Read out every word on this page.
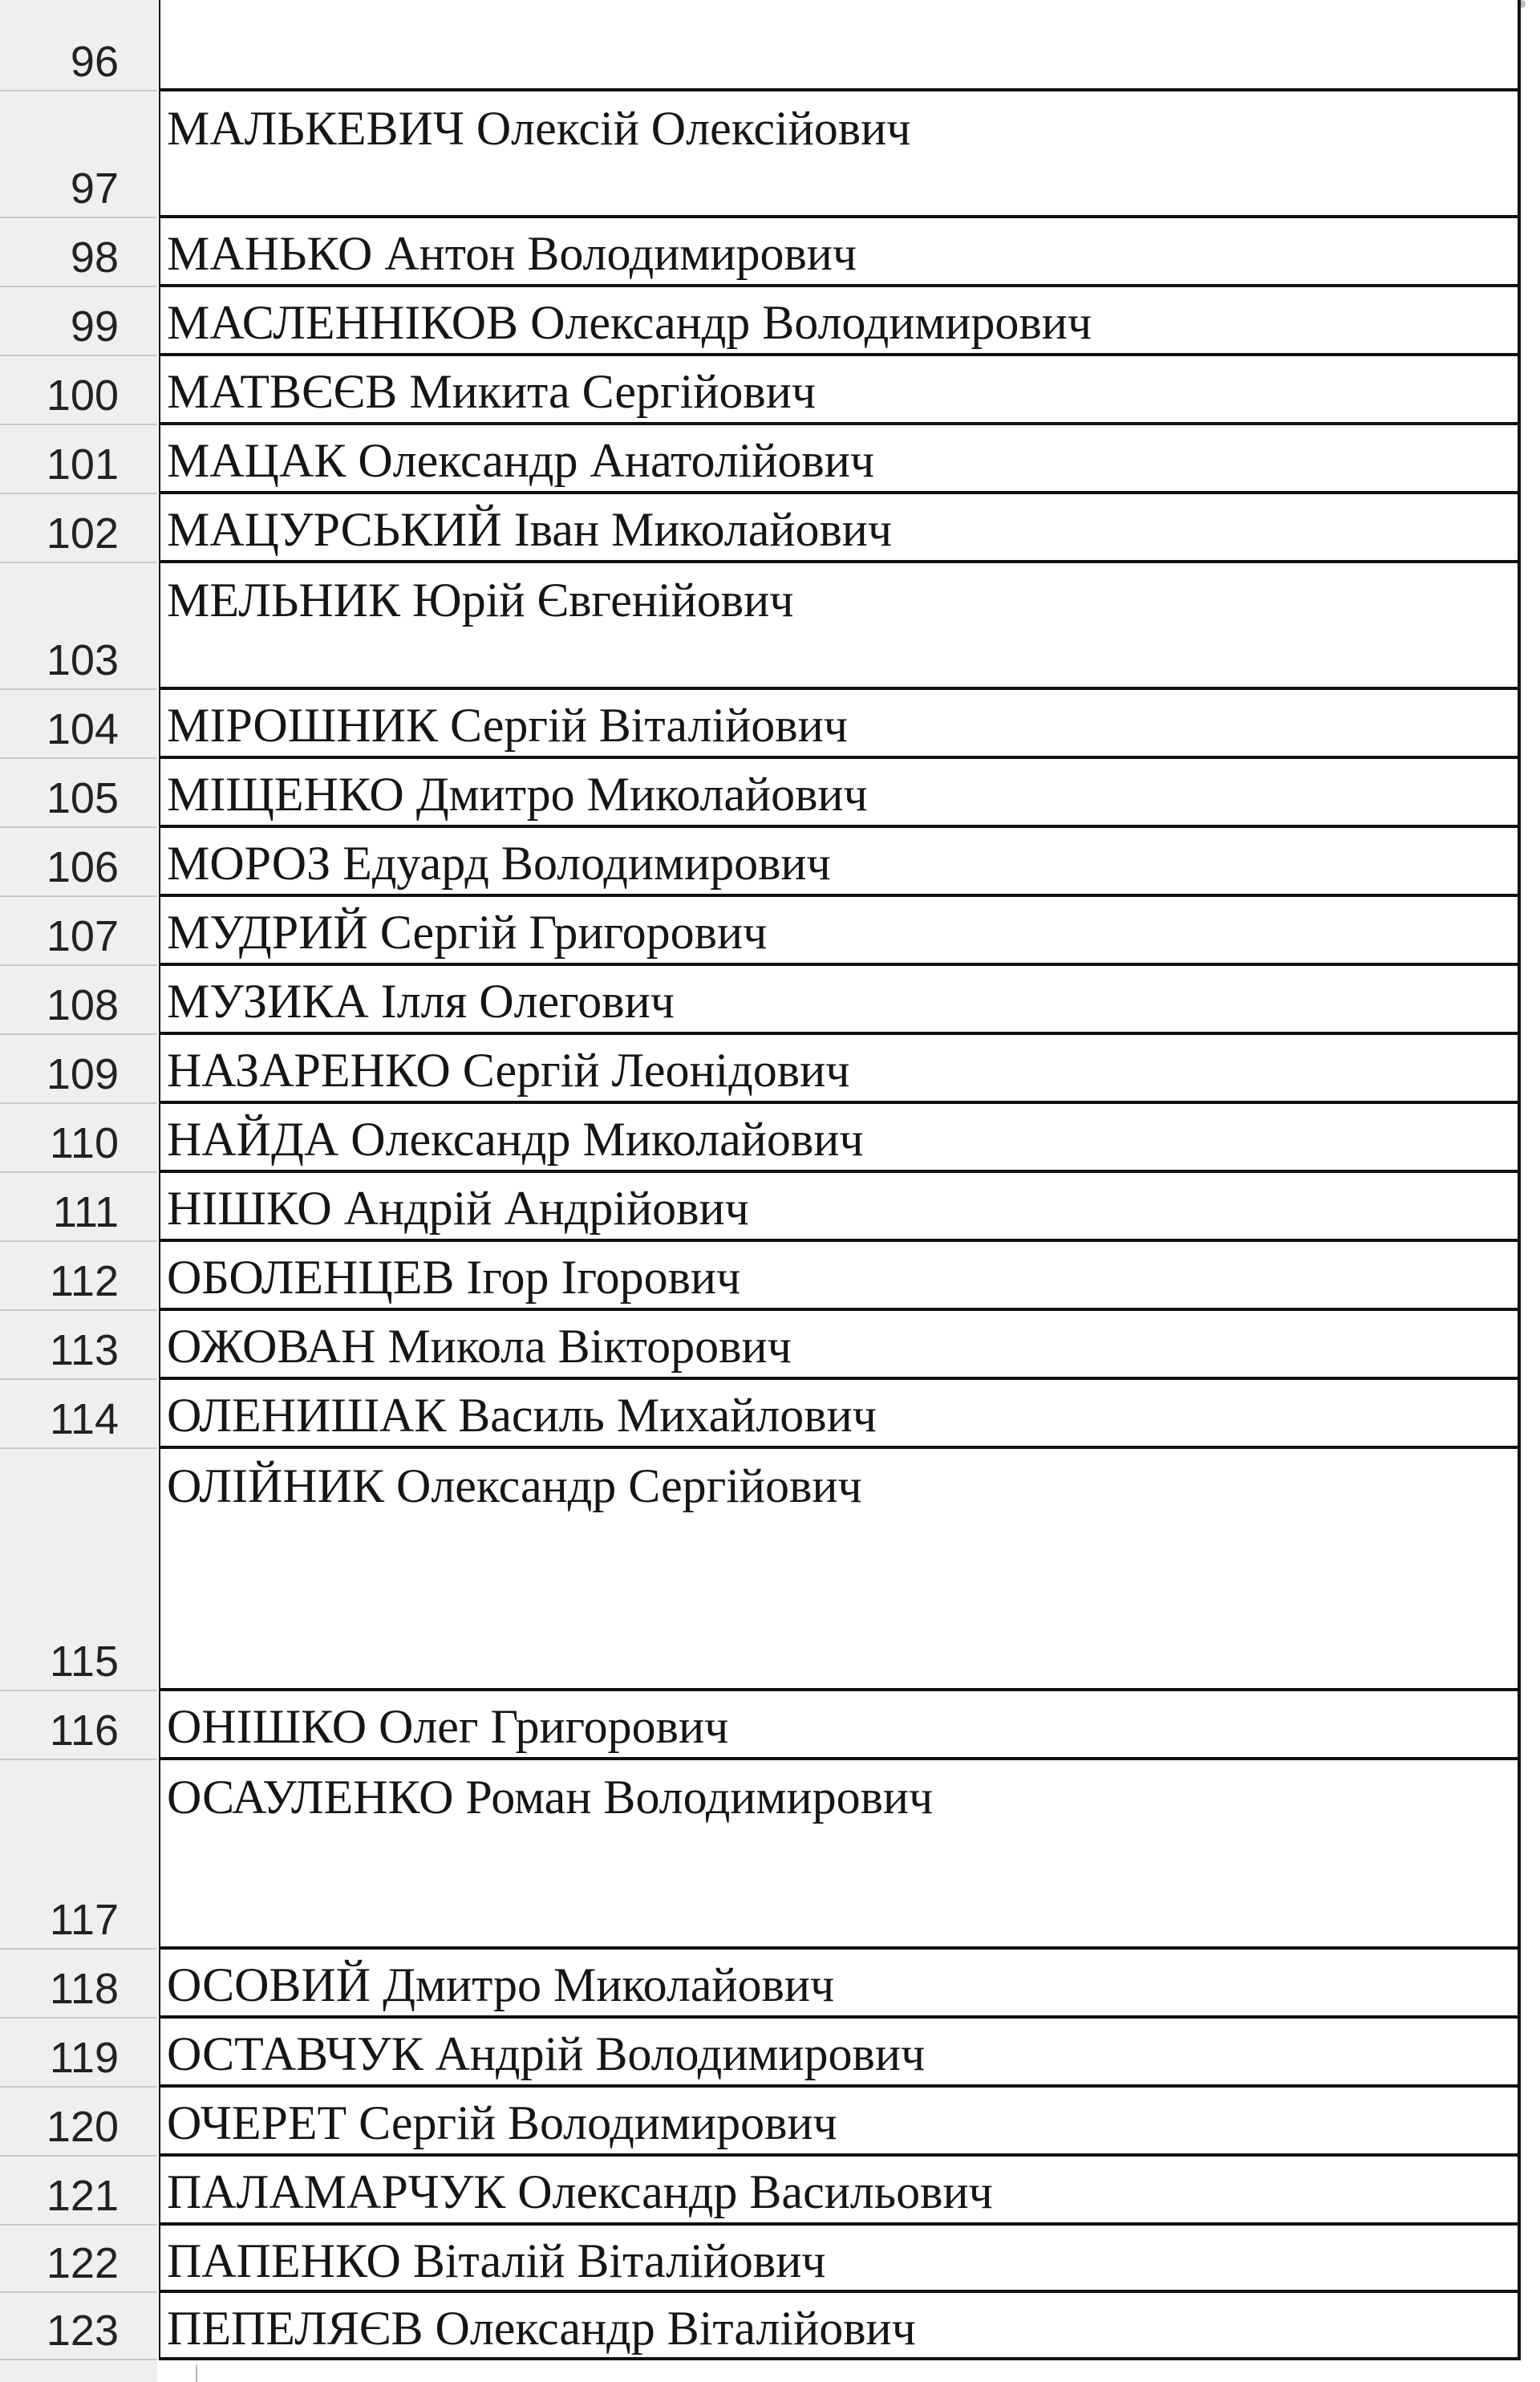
96
97
МАЛЬКЕВИЧ Олексій Олексійович
98 МАНЬКО Антон Володимирович
99 МАСЛЕННІКОВ Олександр Володимирович
100 МАТВЄЄВ Микита Сергійович
101 МАЦАК Олександр Анатолійович
102 МАЦУРСЬКИЙ Іван Миколайович
103
МЕЛЬНИК Юрій Євгенійович
104 МІРОШНИК Сергій Віталійович
105 МІЩЕНКО Дмитро Миколайович
106 МОРОЗ Едуард Володимирович
107 МУДРИЙ Сергій Григорович
108 МУЗИКА Ілля Олегович
109 НАЗАРЕНКО Сергій Леонідович
110 НАЙДА Олександр Миколайович
111 НІШКО Андрій Андрійович
112 ОБОЛЕНЦЕВ Ігор Ігорович
113 ОЖОВАН Микола Вікторович
114 ОЛЕНИШАК Василь Михайлович
115
ОЛІЙНИК Олександр Сергійович
116 ОНІШКО Олег Григорович
117
ОСАУЛЕНКО Роман Володимирович
118 ОСОВИЙ Дмитро Миколайович
119 ОСТАВЧУК Андрій Володимирович
120 ОЧЕРЕТ Сергій Володимирович
121 ПАЛАМАРЧУК Олександр Васильович
122 ПАПЕНКО Віталій Віталійович
123 ПЕПЕЛЯЄВ Олександр Віталійович
